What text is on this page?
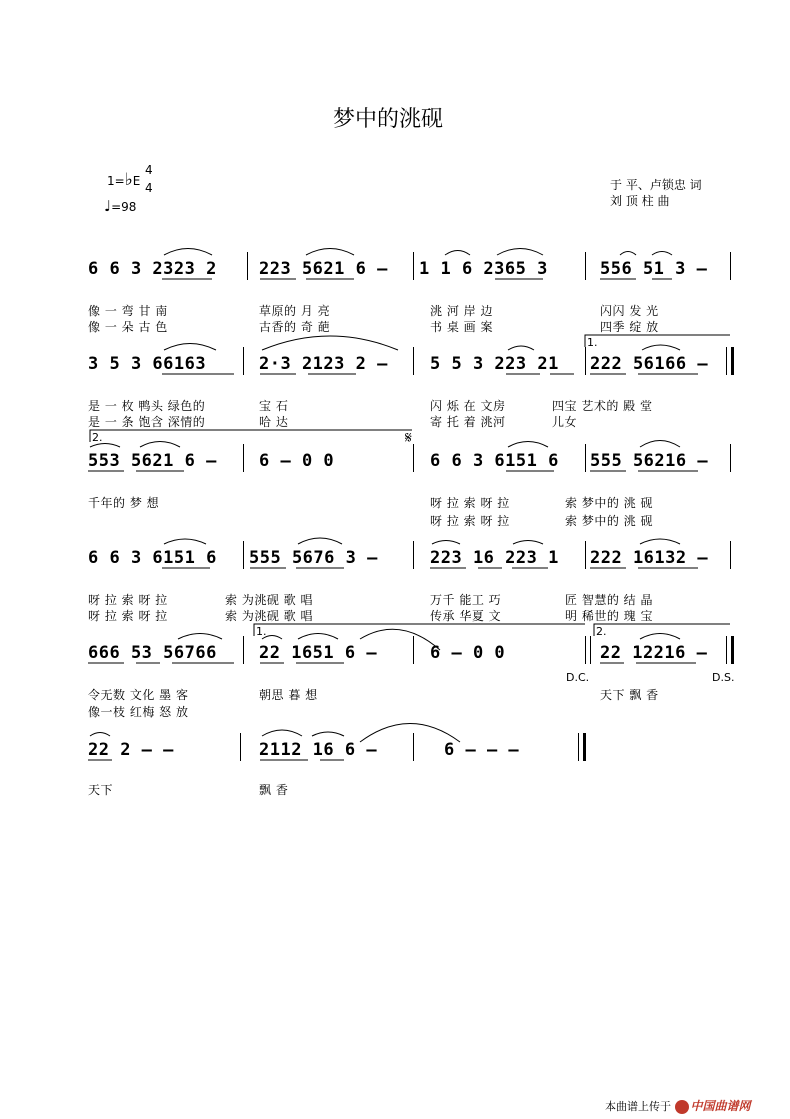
梦中的洮砚
1=♭E
4
4
♩=98
于 平、卢锁忠 词
刘 顶 柱 曲
6 6 3 2323 2 223 5621 6 – 1 1 6 2365 3	556 51 3 –
像 一 弯 甘 南	草原的 月 亮	洮 河 岸 边	闪闪 发 光
像 一 朵 古 色	古香的 奇 葩	书 桌 画 案	四季 绽 放
3 5 3 66163	2·3 2123 2 – 5 5 3 223 21 222 56166 –
1.
是 一 枚 鸭头 绿色的	宝 石	闪 烁 在 文房	四宝 艺术的 殿 堂
是 一 条 饱含 深情的	哈 达	寄 托 着 洮河	儿女
553 5621 6 – 6 – 0 0	6 6 3 6151 6 555 56216 –
2.	𝄋
千年的 梦 想	呀 拉 索 呀 拉	索 梦中的 洮 砚
呀 拉 索 呀 拉	索 梦中的 洮 砚
6 6 3 6151 6 555 5676 3 –	223 16 223 1 222 16132 –
呀 拉 索 呀 拉	索 为洮砚 歌 唱	万千 能工 巧	匠 智慧的 结 晶
呀 拉 索 呀 拉	索 为洮砚 歌 唱	传承 华夏 文	明 稀世的 瑰 宝
666 53 56766 22 1651 6 –	6 – 0 0	22 12216 –
1.	2.
D.C.	D.S.
令无数 文化 墨 客	朝思 暮 想	天下 飘 香
像一枝 红梅 怒 放
22 2 – –	2112 16 6 –	6 – – –
天下	飘 香
本曲谱上传于 中国曲谱网
